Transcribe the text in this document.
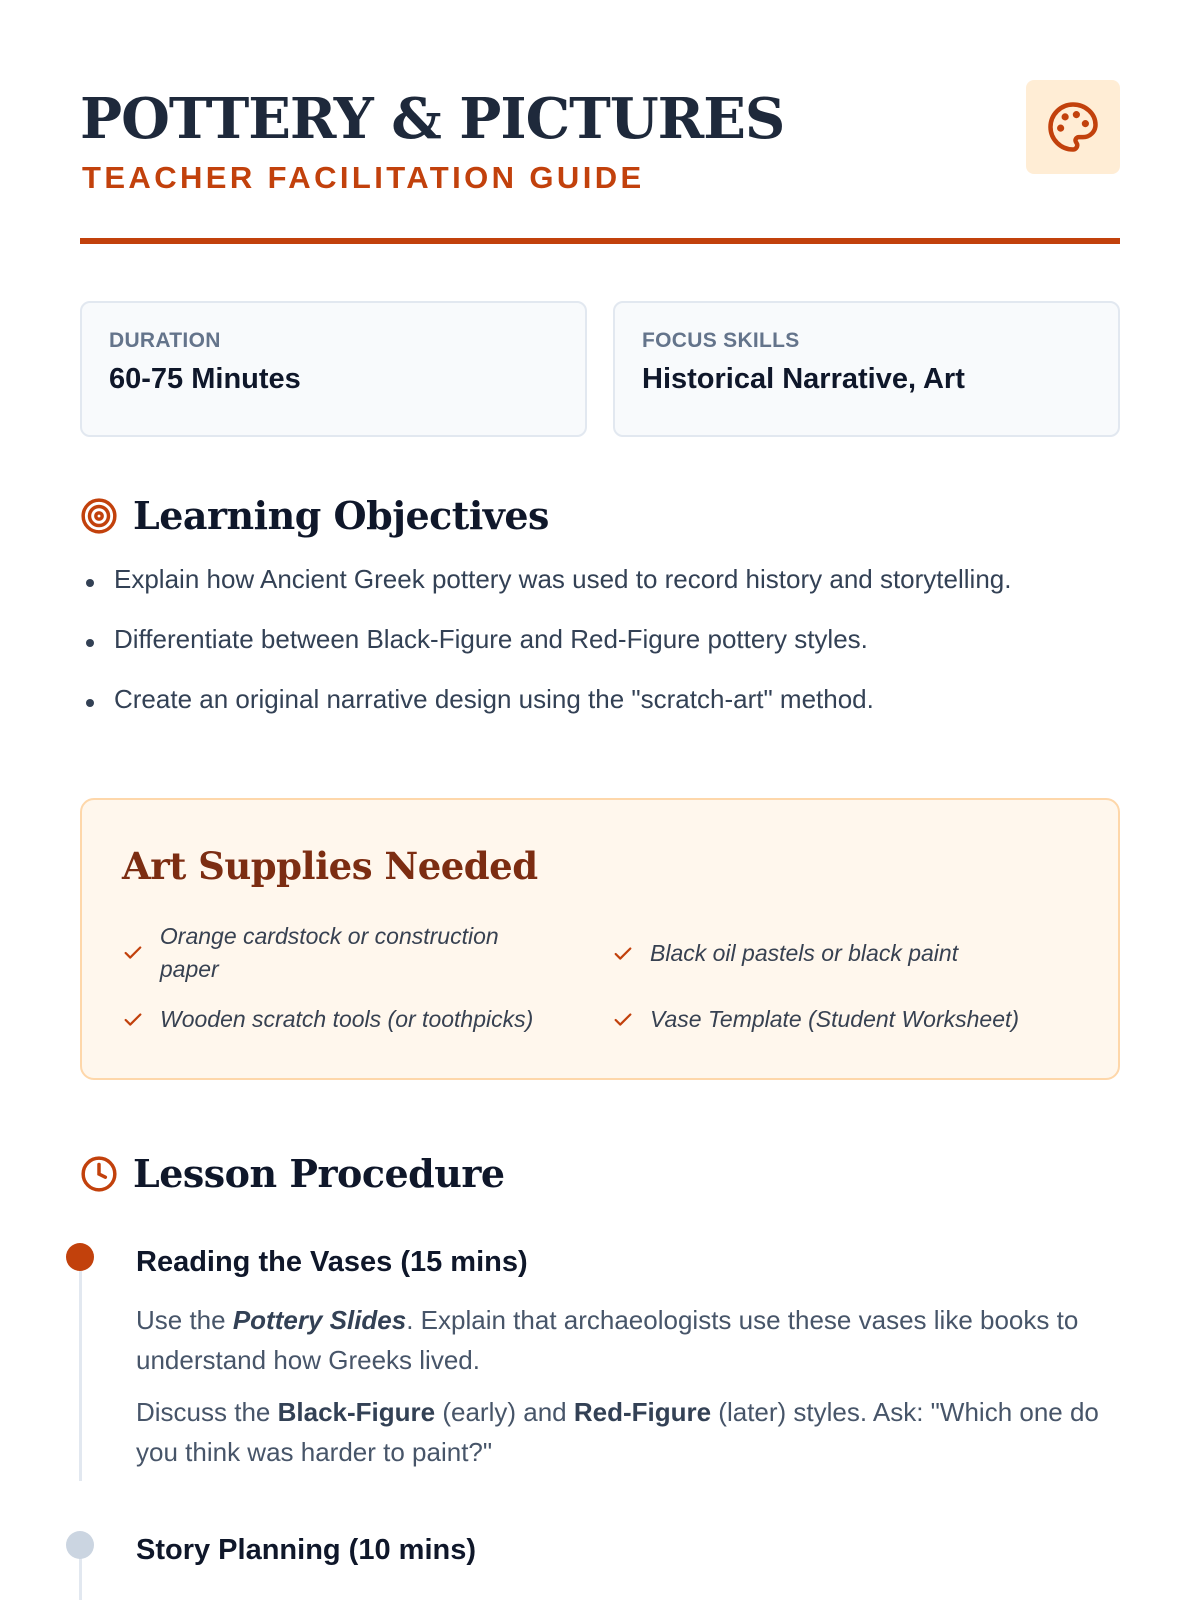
POTTERY & PICTURES
TEACHER FACILITATION GUIDE
DURATION
60-75 Minutes
FOCUS SKILLS
Historical Narrative, Art
Learning Objectives
Explain how Ancient Greek pottery was used to record history and storytelling.
Differentiate between Black-Figure and Red-Figure pottery styles.
Create an original narrative design using the "scratch-art" method.
Art Supplies Needed
Orange cardstock or construction paper
Black oil pastels or black paint
Wooden scratch tools (or toothpicks)	Vase Template (Student Worksheet)
Lesson Procedure
Reading the Vases (15 mins)

Use the Pottery Slides. Explain that archaeologists use these vases like books to understand how Greeks lived.

Discuss the Black-Figure (early) and Red-Figure (later) styles. Ask: "Which one do you think was harder to paint?"

Story Planning (10 mins)
